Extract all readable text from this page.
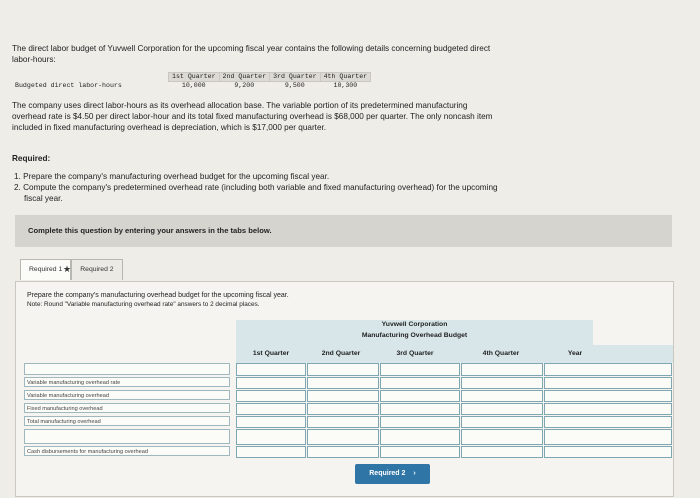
The direct labor budget of Yuvwell Corporation for the upcoming fiscal year contains the following details concerning budgeted direct
labor-hours:

	1st Quarter	2nd Quarter	3rd Quarter	4th Quarter
Budgeted direct labor-hours	10,000	9,200	9,500	10,300

The company uses direct labor-hours as its overhead allocation base. The variable portion of its predetermined manufacturing
overhead rate is $4.50 per direct labor-hour and its total fixed manufacturing overhead is $68,000 per quarter. The only noncash item
included in fixed manufacturing overhead is depreciation, which is $17,000 per quarter.

Required:

1. Prepare the company's manufacturing overhead budget for the upcoming fiscal year.
2. Compute the company's predetermined overhead rate (including both variable and fixed manufacturing overhead) for the upcoming
fiscal year.

Complete this question by entering your answers in the tabs below.
Required 1	Required 2
★

Prepare the company's manufacturing overhead budget for the upcoming fiscal year.
Note: Round "Variable manufacturing overhead rate" answers to 2 decimal places.

Yuvwell Corporation
Manufacturing Overhead Budget
1st Quarter	2nd Quarter	3rd Quarter	4th Quarter	Year
Variable manufacturing overhead rate
Variable manufacturing overhead
Fixed manufacturing overhead
Total manufacturing overhead
Cash disbursements for manufacturing overhead
Required 2 ›
